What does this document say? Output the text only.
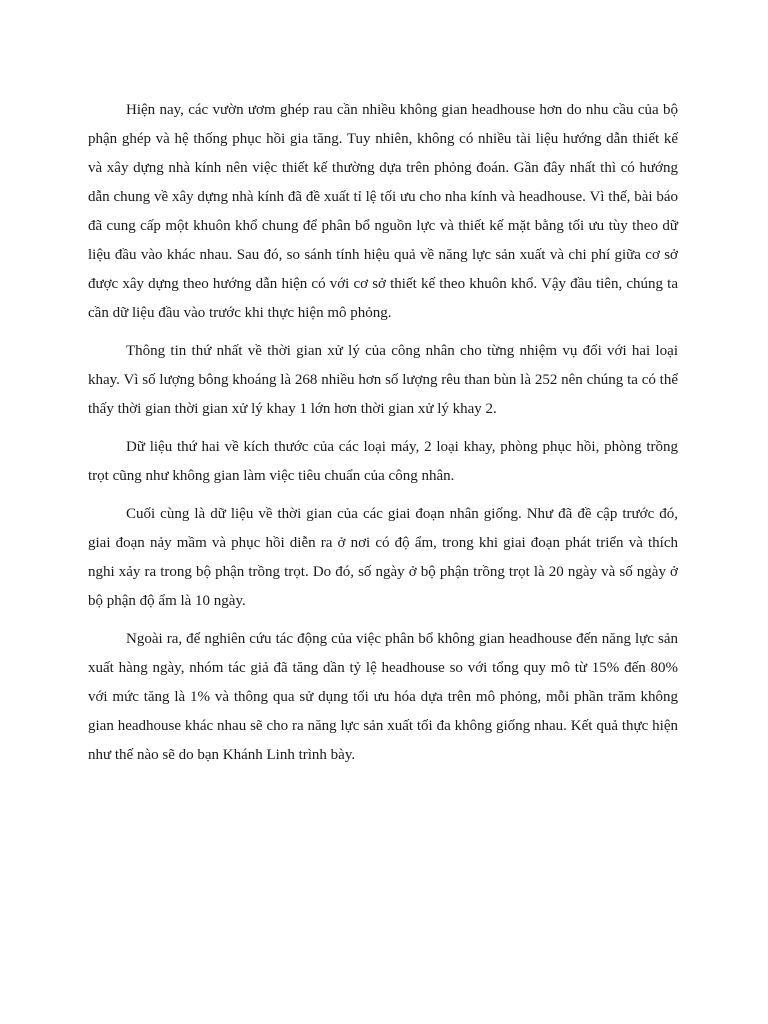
Hiện nay, các vườn ươm ghép rau cần nhiều không gian headhouse hơn do nhu cầu của bộ phận ghép và hệ thống phục hồi gia tăng. Tuy nhiên, không có nhiều tài liệu hướng dẫn thiết kế và xây dựng nhà kính nên việc thiết kế thường dựa trên phỏng đoán. Gần đây nhất thì có hướng dẫn chung về xây dựng nhà kính đã đề xuất tỉ lệ tối ưu cho nha kính và headhouse. Vì thế, bài báo đã cung cấp một khuôn khổ chung để phân bổ nguồn lực và thiết kế mặt bằng tối ưu tùy theo dữ liệu đầu vào khác nhau. Sau đó, so sánh tính hiệu quả về năng lực sản xuất và chi phí giữa cơ sở được xây dựng theo hướng dẫn hiện có với cơ sở thiết kế theo khuôn khổ. Vậy đầu tiên, chúng ta cần dữ liệu đầu vào trước khi thực hiện mô phỏng.

Thông tin thứ nhất về thời gian xử lý của công nhân cho từng nhiệm vụ đối với hai loại khay. Vì số lượng bông khoáng là 268 nhiều hơn số lượng rêu than bùn là 252 nên chúng ta có thể thấy thời gian thời gian xử lý khay 1 lớn hơn thời gian xử lý khay 2.

Dữ liệu thứ hai về kích thước của các loại máy, 2 loại khay, phòng phục hồi, phòng trồng trọt cũng như không gian làm việc tiêu chuẩn của công nhân.

Cuối cùng là dữ liệu về thời gian của các giai đoạn nhân giống. Như đã đề cập trước đó, giai đoạn nảy mầm và phục hồi diễn ra ở nơi có độ ẩm, trong khi giai đoạn phát triển và thích nghi xảy ra trong bộ phận trồng trọt. Do đó, số ngày ở bộ phận trồng trọt là 20 ngày và số ngày ở bộ phận độ ẩm là 10 ngày.

Ngoài ra, để nghiên cứu tác động của việc phân bổ không gian headhouse đến năng lực sản xuất hàng ngày, nhóm tác giả đã tăng dần tỷ lệ headhouse so với tổng quy mô từ 15% đến 80% với mức tăng là 1% và thông qua sử dụng tối ưu hóa dựa trên mô phỏng, mỗi phần trăm không gian headhouse khác nhau sẽ cho ra năng lực sản xuất tối đa không giống nhau. Kết quả thực hiện như thế nào sẽ do bạn Khánh Linh trình bày.
